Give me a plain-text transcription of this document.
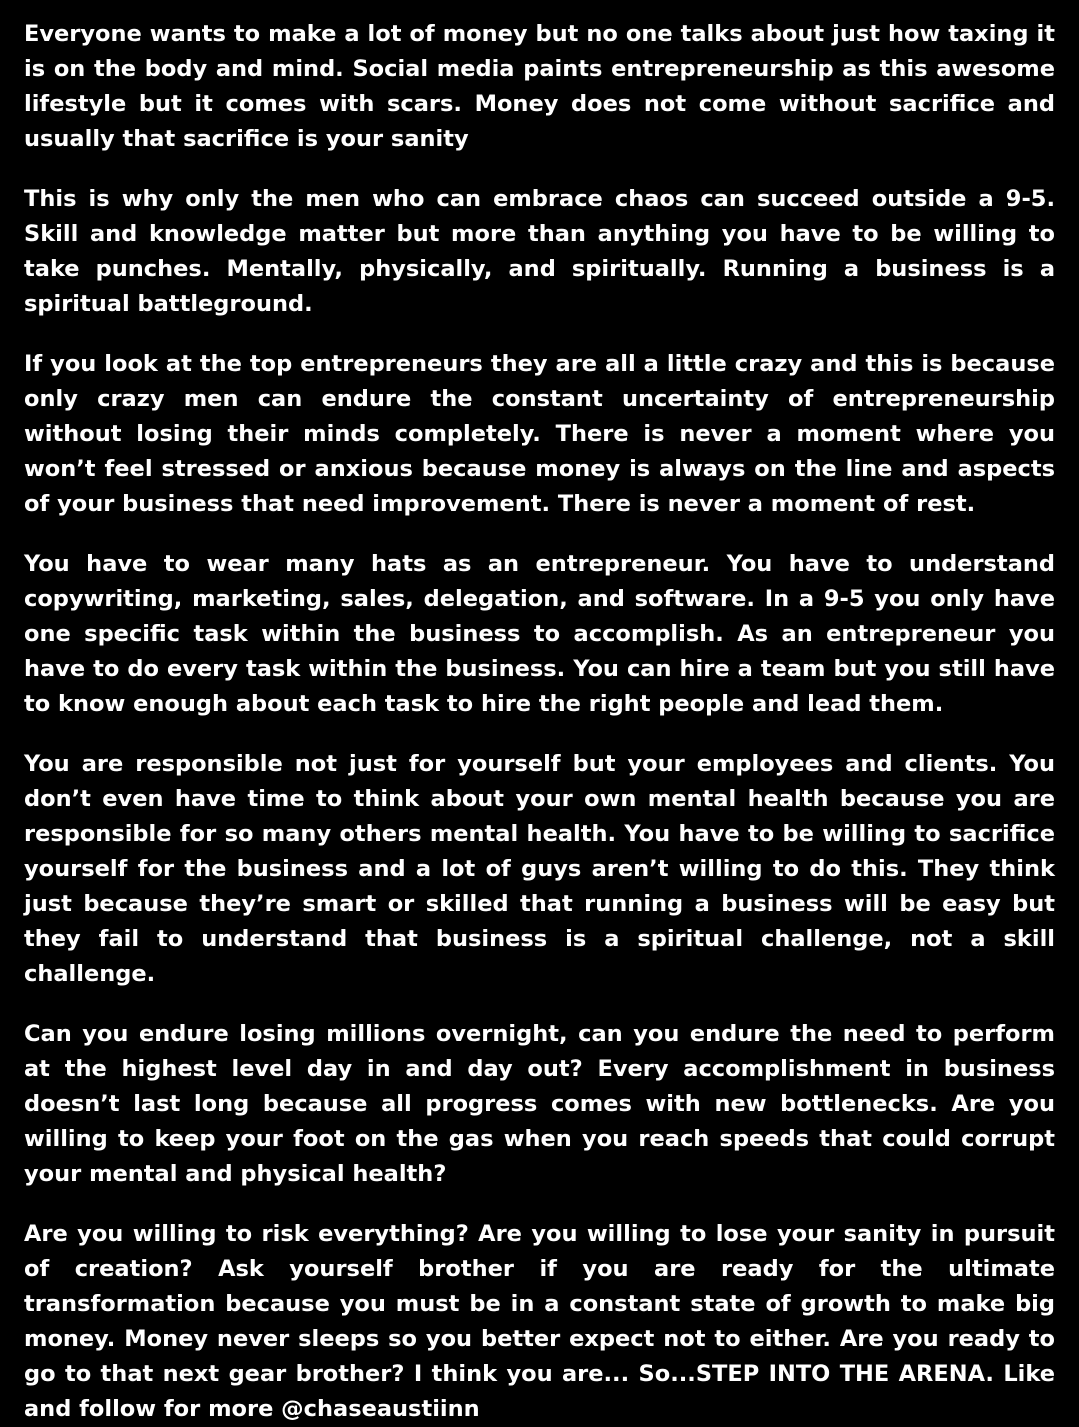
Everyone wants to make a lot of money but no one talks about just how taxing it is on the body and mind. Social media paints entrepreneurship as this awesome lifestyle but it comes with scars. Money does not come without sacrifice and usually that sacrifice is your sanity

This is why only the men who can embrace chaos can succeed outside a 9-5. Skill and knowledge matter but more than anything you have to be willing to take punches. Mentally, physically, and spiritually. Running a business is a spiritual battleground.

If you look at the top entrepreneurs they are all a little crazy and this is because only crazy men can endure the constant uncertainty of entrepreneurship without losing their minds completely. There is never a moment where you won’t feel stressed or anxious because money is always on the line and aspects of your business that need improvement. There is never a moment of rest.

You have to wear many hats as an entrepreneur. You have to understand copywriting, marketing, sales, delegation, and software. In a 9-5 you only have one specific task within the business to accomplish. As an entrepreneur you have to do every task within the business. You can hire a team but you still have to know enough about each task to hire the right people and lead them.

You are responsible not just for yourself but your employees and clients. You don’t even have time to think about your own mental health because you are responsible for so many others mental health. You have to be willing to sacrifice yourself for the business and a lot of guys aren’t willing to do this. They think just because they’re smart or skilled that running a business will be easy but they fail to understand that business is a spiritual challenge, not a skill challenge.

Can you endure losing millions overnight, can you endure the need to perform at the highest level day in and day out? Every accomplishment in business doesn’t last long because all progress comes with new bottlenecks. Are you willing to keep your foot on the gas when you reach speeds that could corrupt your mental and physical health?

Are you willing to risk everything? Are you willing to lose your sanity in pursuit of creation? Ask yourself brother if you are ready for the ultimate transformation because you must be in a constant state of growth to make big money. Money never sleeps so you better expect not to either. Are you ready to go to that next gear brother? I think you are... So...STEP INTO THE ARENA. Like and follow for more @chaseaustiinn
